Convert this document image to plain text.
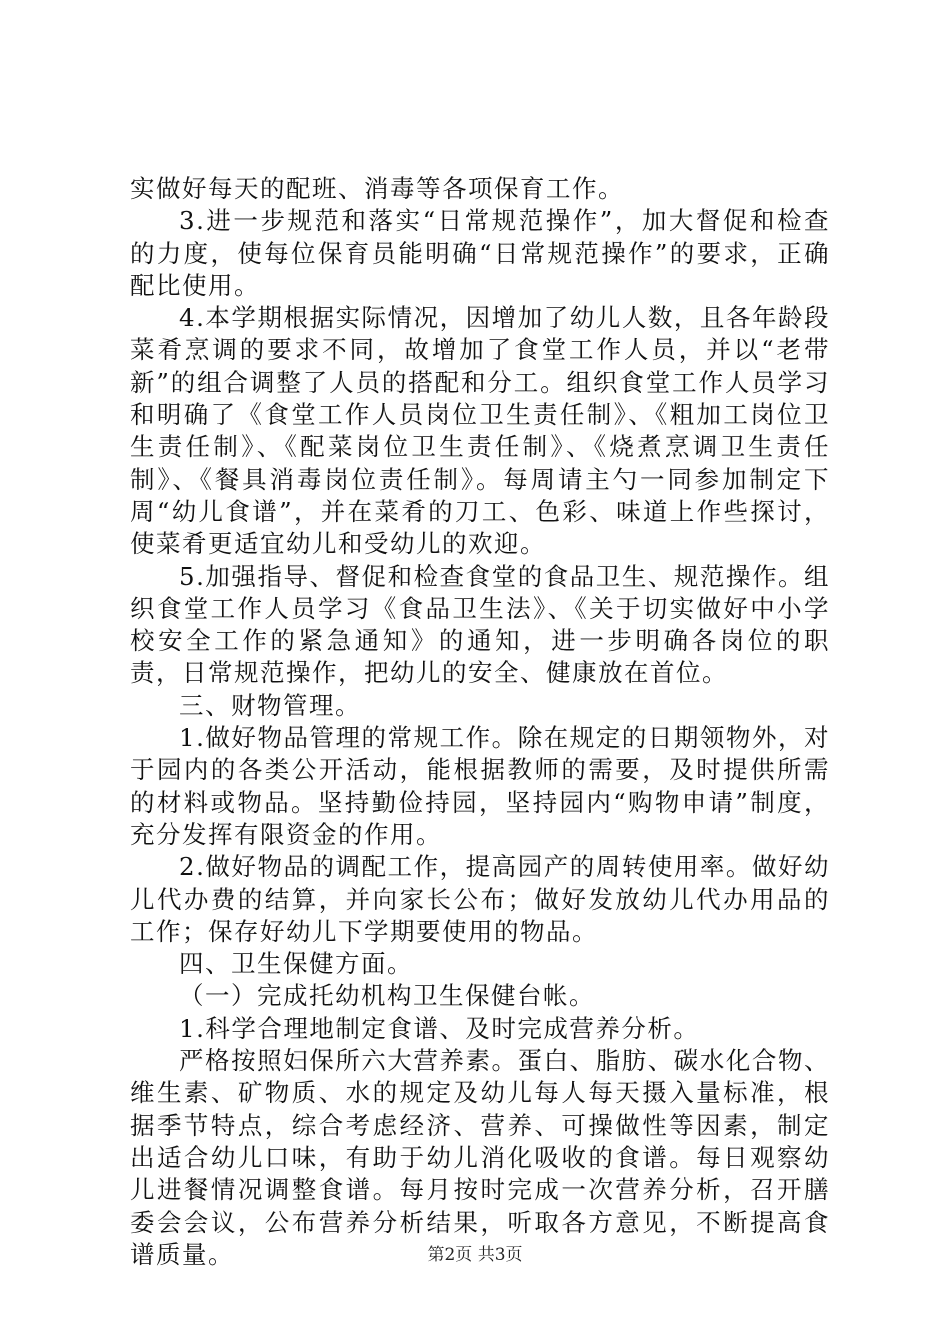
实做好每天的配班、消毒等各项保育工作。

3.进一步规范和落实“日常规范操作”，加大督促和检查的力度，使每位保育员能明确“日常规范操作”的要求，正确配比使用。

4.本学期根据实际情况，因增加了幼儿人数，且各年龄段菜肴烹调的要求不同，故增加了食堂工作人员，并以“老带新”的组合调整了人员的搭配和分工。组织食堂工作人员学习和明确了《食堂工作人员岗位卫生责任制》、《粗加工岗位卫生责任制》、《配菜岗位卫生责任制》、《烧煮烹调卫生责任制》、《餐具消毒岗位责任制》。每周请主勺一同参加制定下周“幼儿食谱”，并在菜肴的刀工、色彩、味道上作些探讨，使菜肴更适宜幼儿和受幼儿的欢迎。

5.加强指导、督促和检查食堂的食品卫生、规范操作。组织食堂工作人员学习《食品卫生法》、《关于切实做好中小学校安全工作的紧急通知》的通知，进一步明确各岗位的职责，日常规范操作，把幼儿的安全、健康放在首位。

三、财物管理。

1.做好物品管理的常规工作。除在规定的日期领物外，对于园内的各类公开活动，能根据教师的需要，及时提供所需的材料或物品。坚持勤俭持园，坚持园内“购物申请”制度，充分发挥有限资金的作用。

2.做好物品的调配工作，提高园产的周转使用率。做好幼儿代办费的结算，并向家长公布；做好发放幼儿代办用品的工作；保存好幼儿下学期要使用的物品。

四、卫生保健方面。

（一）完成托幼机构卫生保健台帐。

1.科学合理地制定食谱、及时完成营养分析。

严格按照妇保所六大营养素。蛋白、脂肪、碳水化合物、维生素、矿物质、水的规定及幼儿每人每天摄入量标准，根据季节特点，综合考虑经济、营养、可操做性等因素，制定出适合幼儿口味，有助于幼儿消化吸收的食谱。每日观察幼儿进餐情况调整食谱。每月按时完成一次营养分析，召开膳委会会议，公布营养分析结果，听取各方意见，不断提高食谱质量。	第2页 共3页
